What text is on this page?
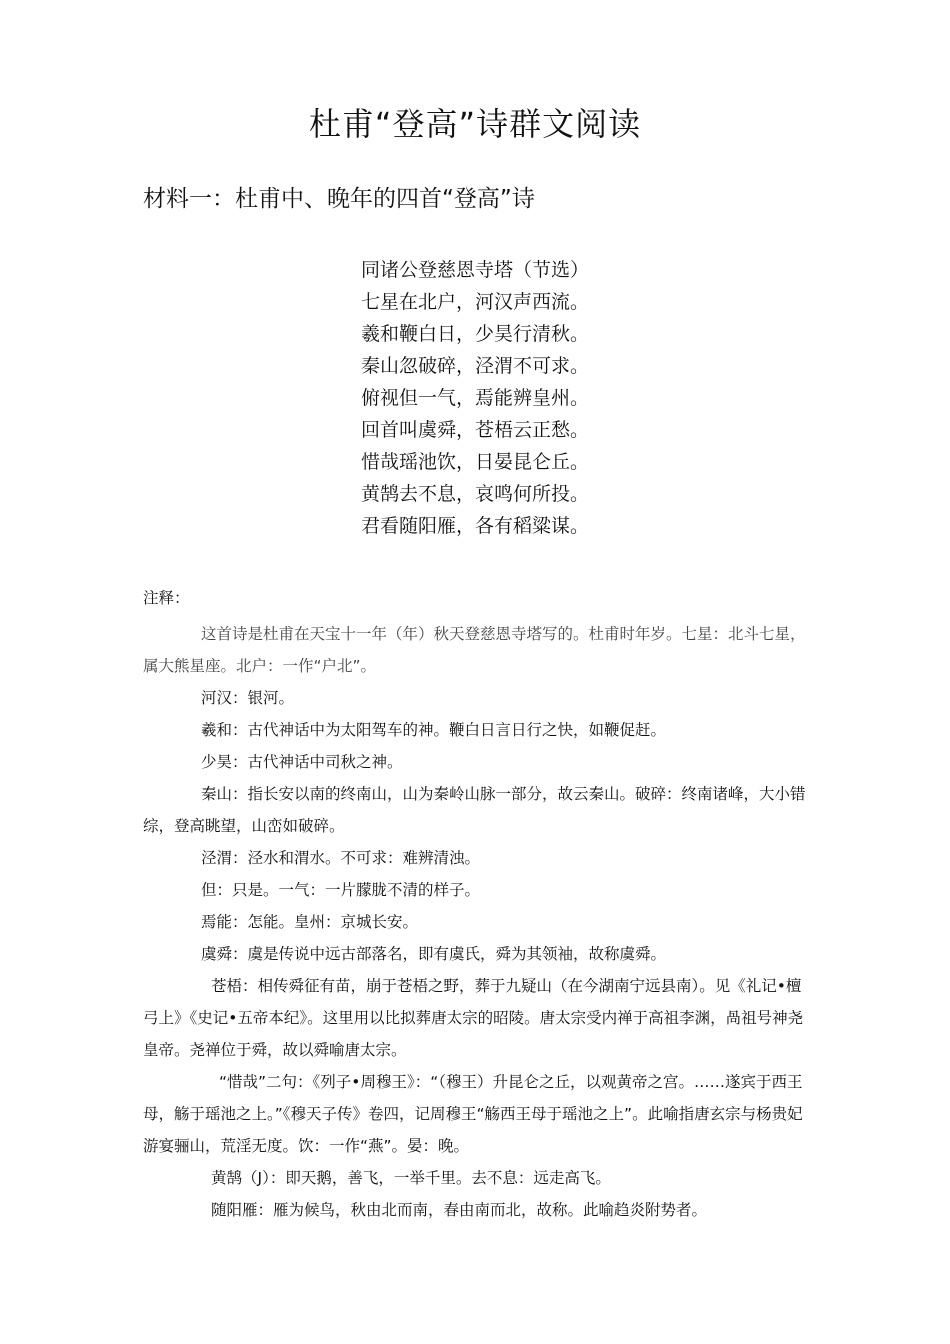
杜甫“登高”诗群文阅读
材料一：杜甫中、晚年的四首“登高”诗
同诸公登慈恩寺塔（节选）
七星在北户，河汉声西流。
羲和鞭白日，少昊行清秋。
秦山忽破碎，泾渭不可求。
俯视但一气，焉能辨皇州。
回首叫虞舜，苍梧云正愁。
惜哉瑶池饮，日晏昆仑丘。
黄鹄去不息，哀鸣何所投。
君看随阳雁，各有稻粱谋。
注释：

这首诗是杜甫在天宝十一年（年）秋天登慈恩寺塔写的。杜甫时年岁。七星：北斗七星，属大熊星座。北户：一作“户北”。

河汉：银河。

羲和：古代神话中为太阳驾车的神。鞭白日言日行之快，如鞭促赶。

少昊：古代神话中司秋之神。

秦山：指长安以南的终南山，山为秦岭山脉一部分，故云秦山。破碎：终南诸峰，大小错综，登高眺望，山峦如破碎。

泾渭：泾水和渭水。不可求：难辨清浊。

但：只是。一气：一片朦胧不清的样子。

焉能：怎能。皇州：京城长安。

虞舜：虞是传说中远古部落名，即有虞氏，舜为其领袖，故称虞舜。

苍梧：相传舜征有苗，崩于苍梧之野，葬于九疑山（在今湖南宁远县南）。见《礼记•檀弓上》《史记•五帝本纪》。这里用以比拟葬唐太宗的昭陵。唐太宗受内禅于高祖李渊，咼祖号神尧皇帝。尧禅位于舜，故以舜喻唐太宗。

“惜哉”二句：《列子•周穆王》：“（穆王）升昆仑之丘，以观黄帝之宫。……遂宾于西王母，觞于瑶池之上。”《穆天子传》卷四，记周穆王“觞西王母于瑶池之上”。此喻指唐玄宗与杨贵妃游宴骊山，荒淫无度。饮：一作“燕”。晏：晚。

黄鹄（J）：即天鹅，善飞，一举千里。去不息：远走高飞。

随阳雁：雁为候鸟，秋由北而南，春由南而北，故称。此喻趋炎附势者。
